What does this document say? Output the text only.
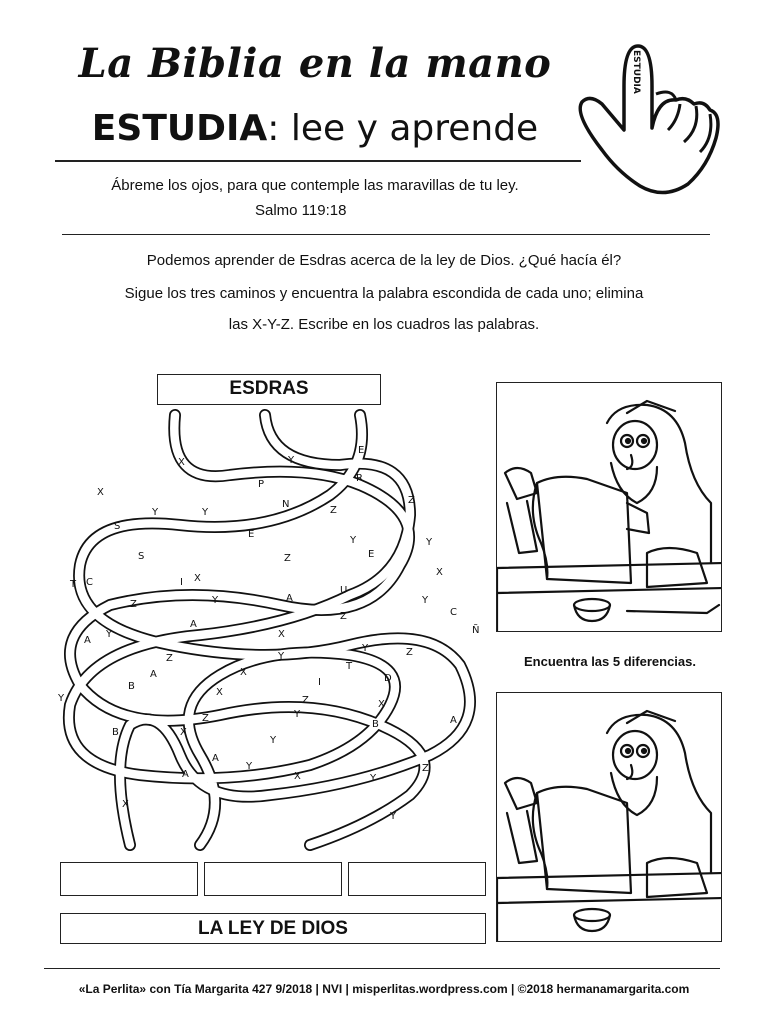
La Biblia en la mano
ESTUDIA: lee y aprende
ESTUDIA
Ábreme los ojos, para que contemple las maravillas de tu ley.
Salmo 119:18
Podemos aprender de Esdras acerca de la ley de Dios. ¿Qué hacía él?
Sigue los tres caminos y encuentra la palabra escondida de cada uno; elimina
las X-Y-Z. Escribe en los cuadros las palabras.
X	Y
E
P
R
X
N	Z
Y	Y	Z
S
E
Y	Y
S	Z	E
X
T C	I X
U
A
Y
Z	Y
C
Z
A
Ñ
X
A
Y
Y
Z	Y	Z
T
A	X
B	I	D
X
Z	X
Y
Y
Z
B	A
B	X
Y
A
Y
A	X
Z
Y
X
Y
ESDRAS
LA LEY DE DIOS
Encuentra las 5 diferencias.
«La Perlita» con Tía Margarita 427 9/2018 | NVI | misperlitas.wordpress.com | ©2018 hermanamargarita.com
